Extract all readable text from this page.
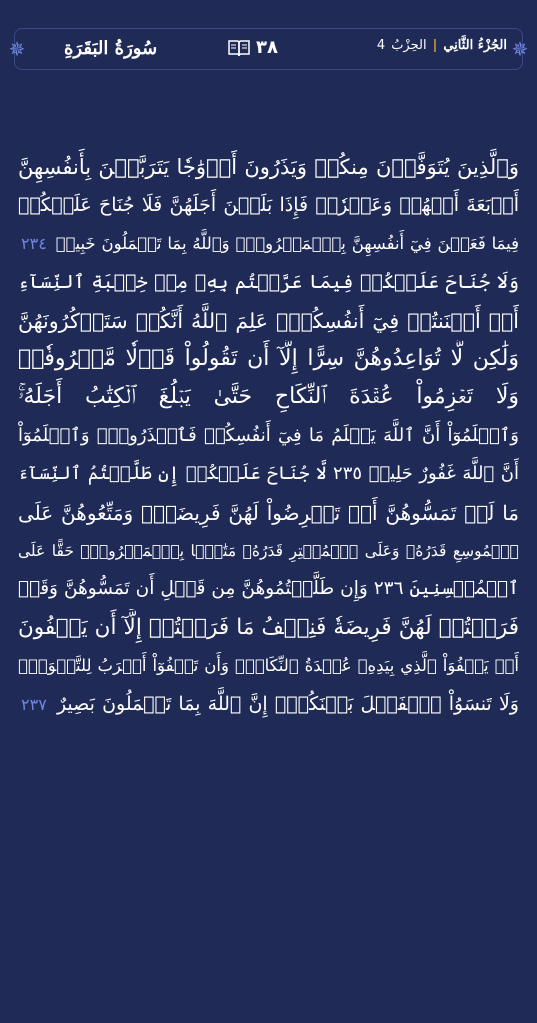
✵	✵
سُورَةُ البَقَرَةِ	٣٨	الجُزْءُ الثَّانِي
|
الحِزْبُ
4
وَٱلَّذِينَ يُتَوَفَّوۡنَ مِنكُمۡ وَيَذَرُونَ أَزۡوَٰجٗا يَتَرَبَّصۡنَ بِأَنفُسِهِنَّ
أَرۡبَعَةَ أَشۡهُرٖ وَعَشۡرٗاۖ فَإِذَا بَلَغۡنَ أَجَلَهُنَّ فَلَا جُنَاحَ عَلَيۡكُمۡ
فِيمَا فَعَلۡنَ فِيٓ أَنفُسِهِنَّ بِٱلۡمَعۡرُوفِۗ وَٱللَّهُ بِمَا تَعۡمَلُونَ خَبِيرٞ ٢٣٤
وَلَا جُنَاحَ عَلَيۡكُمۡ فِيمَا عَرَّضۡتُم بِهِۦ مِنۡ خِطۡبَةِ ٱلنِّسَآءِ
أَوۡ أَكۡنَنتُمۡ فِيٓ أَنفُسِكُمۡۚ عَلِمَ ٱللَّهُ أَنَّكُمۡ سَتَذۡكُرُونَهُنَّ
وَلَٰكِن لَّا تُوَاعِدُوهُنَّ سِرًّا إِلَّآ أَن تَقُولُواْ قَوۡلٗا مَّعۡرُوفٗاۚ
وَلَا تَعۡزِمُواْ عُقۡدَةَ ٱلنِّكَاحِ حَتَّىٰ يَبۡلُغَ ٱلۡكِتَٰبُ أَجَلَهُۥۚ
وَٱعۡلَمُوٓاْ أَنَّ ٱللَّهَ يَعۡلَمُ مَا فِيٓ أَنفُسِكُمۡ فَٱحۡذَرُوهُۚ وَٱعۡلَمُوٓاْ
أَنَّ ٱللَّهَ غَفُورٌ حَلِيمٞ ٢٣٥ لَّا جُنَاحَ عَلَيۡكُمۡ إِن طَلَّقۡتُمُ ٱلنِّسَآءَ
مَا لَمۡ تَمَسُّوهُنَّ أَوۡ تَفۡرِضُواْ لَهُنَّ فَرِيضَةٗۚ وَمَتِّعُوهُنَّ عَلَى
ٱلۡمُوسِعِ قَدَرُهُۥ وَعَلَى ٱلۡمُقۡتِرِ قَدَرُهُۥ مَتَٰعَۢا بِٱلۡمَعۡرُوفِۖ حَقًّا عَلَى
ٱلۡمُحۡسِنِينَ ٢٣٦ وَإِن طَلَّقۡتُمُوهُنَّ مِن قَبۡلِ أَن تَمَسُّوهُنَّ وَقَدۡ
فَرَضۡتُمۡ لَهُنَّ فَرِيضَةٗ فَنِصۡفُ مَا فَرَضۡتُمۡ إِلَّآ أَن يَعۡفُونَ
أَوۡ يَعۡفُوَاْ ٱلَّذِي بِيَدِهِۦ عُقۡدَةُ ٱلنِّكَاحِۚ وَأَن تَعۡفُوٓاْ أَقۡرَبُ لِلتَّقۡوَىٰۚ
وَلَا تَنسَوُاْ ٱلۡفَضۡلَ بَيۡنَكُمۡۚ إِنَّ ٱللَّهَ بِمَا تَعۡمَلُونَ بَصِيرٌ ٢٣٧
